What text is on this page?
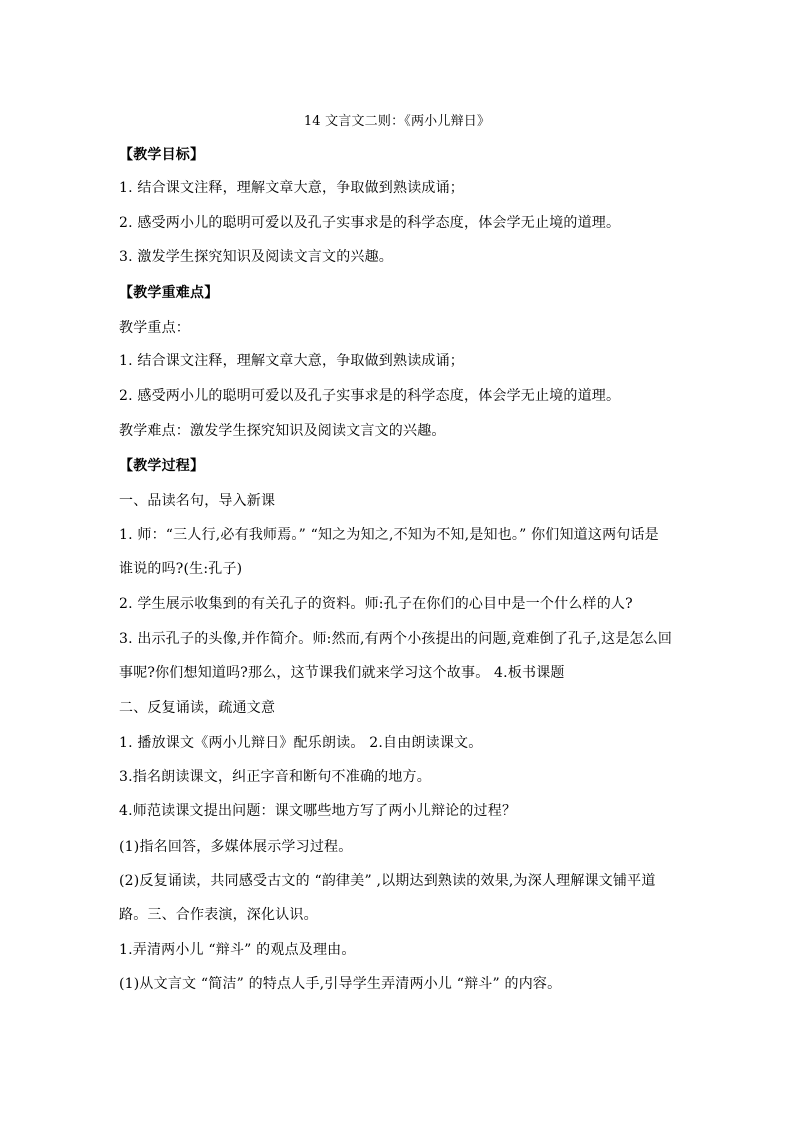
14 文言文二则：《两小儿辩日》
【教学目标】
1. 结合课文注释，理解文章大意，争取做到熟读成诵；
2. 感受两小儿的聪明可爱以及孔子实事求是的科学态度，体会学无止境的道理。
3. 激发学生探究知识及阅读文言文的兴趣。
【教学重难点】
教学重点：
1. 结合课文注释，理解文章大意，争取做到熟读成诵；
2. 感受两小儿的聪明可爱以及孔子实事求是的科学态度，体会学无止境的道理。
教学难点：激发学生探究知识及阅读文言文的兴趣。
【教学过程】
一、品读名句，导入新课
1. 师：“三人行,必有我师焉。” “知之为知之,不知为不知,是知也。” 你们知道这两句话是
谁说的吗?(生:孔子)
2. 学生展示收集到的有关孔子的资料。师:孔子在你们的心目中是一个什么样的人?
3. 出示孔子的头像,并作简介。师:然而,有两个小孩提出的问题,竟难倒了孔子,这是怎么回
事呢?你们想知道吗?那么，这节课我们就来学习这个故事。 4.板书课题
二、反复诵读，疏通文意
1. 播放课文《两小儿辩日》配乐朗读。 2.自由朗读课文。
3.指名朗读课文，纠正字音和断句不准确的地方。
4.师范读课文提出问题：课文哪些地方写了两小儿辩论的过程？
(1)指名回答，多媒体展示学习过程。
(2)反复诵读，共同感受古文的 “韵律美” ,以期达到熟读的效果,为深人理解课文铺平道
路。三、合作表演，深化认识。
1.弄清两小儿 “辩斗” 的观点及理由。
(1)从文言文 “简洁” 的特点人手,引导学生弄清两小儿 “辩斗” 的内容。
